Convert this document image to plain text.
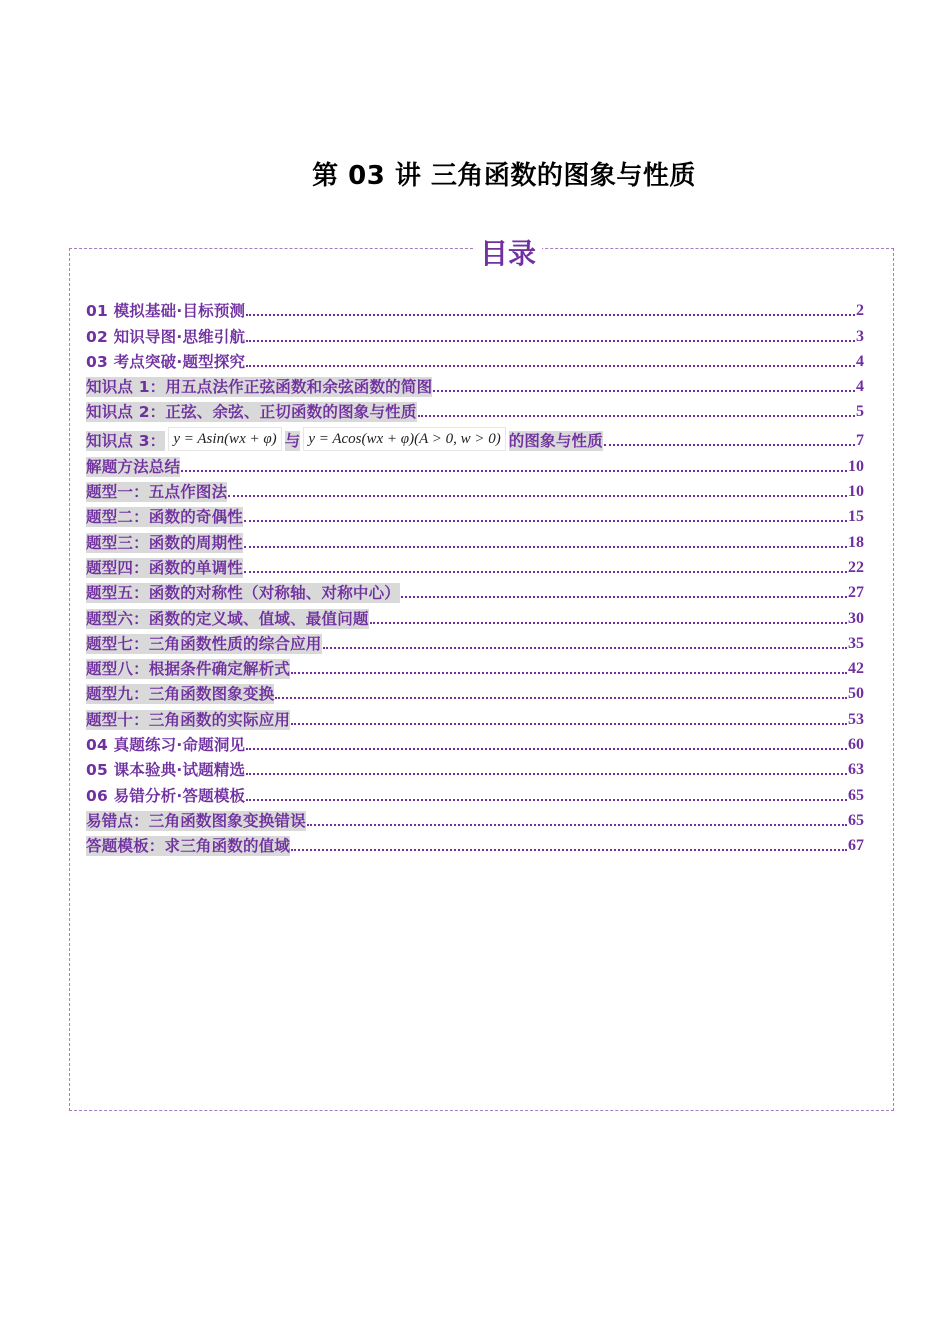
第 03 讲 三角函数的图象与性质
目录
01 模拟基础·目标预测	2
02 知识导图·思维引航	3
03 考点突破·题型探究	4
知识点 1：用五点法作正弦函数和余弦函数的简图	4
知识点 2：正弦、余弦、正切函数的图象与性质	5
知识点 3： y = Asin(wx + φ) 与 y = Acos(wx + φ)(A > 0, w > 0) 的图象与性质	7
解题方法总结	10
题型一：五点作图法	10
题型二：函数的奇偶性	15
题型三：函数的周期性	18
题型四：函数的单调性	22
题型五：函数的对称性（对称轴、对称中心）	27
题型六：函数的定义域、值域、最值问题	30
题型七：三角函数性质的综合应用	35
题型八：根据条件确定解析式	42
题型九：三角函数图象变换	50
题型十：三角函数的实际应用	53
04 真题练习·命题洞见	60
05 课本验典·试题精选	63
06 易错分析·答题模板	65
易错点：三角函数图象变换错误	65
答题模板：求三角函数的值域	67
